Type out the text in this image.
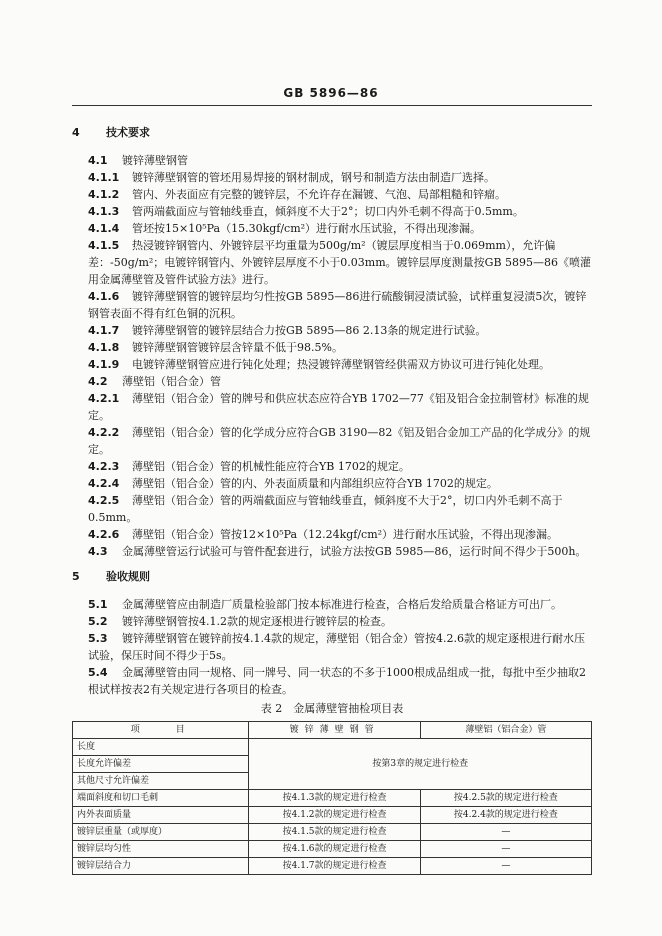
GB 5896—86

4 技术要求

4.1 镀锌薄壁钢管

4.1.1 镀锌薄壁钢管的管坯用易焊接的钢材制成，钢号和制造方法由制造厂选择。

4.1.2 管内、外表面应有完整的镀锌层，不允许存在漏镀、气泡、局部粗糙和锌瘤。

4.1.3 管两端截面应与管轴线垂直，倾斜度不大于2°；切口内外毛刺不得高于0.5mm。

4.1.4 管坯按15×10⁵Pa（15.30kgf/cm²）进行耐水压试验，不得出现渗漏。

4.1.5 热浸镀锌钢管内、外镀锌层平均重量为500g/m²（镀层厚度相当于0.069mm），允许偏差：-50g/m²；电镀锌钢管内、外镀锌层厚度不小于0.03mm。镀锌层厚度测量按GB 5895—86《喷灌用金属薄壁管及管件试验方法》进行。

4.1.6 镀锌薄壁钢管的镀锌层均匀性按GB 5895—86进行硫酸铜浸渍试验，试样重复浸渍5次，镀锌钢管表面不得有红色铜的沉积。

4.1.7 镀锌薄壁钢管的镀锌层结合力按GB 5895—86 2.13条的规定进行试验。

4.1.8 镀锌薄壁钢管镀锌层含锌量不低于98.5%。

4.1.9 电镀锌薄壁钢管应进行钝化处理；热浸镀锌薄壁钢管经供需双方协议可进行钝化处理。

4.2 薄壁铝（铝合金）管

4.2.1 薄壁铝（铝合金）管的牌号和供应状态应符合YB 1702—77《铝及铝合金拉制管材》标准的规定。

4.2.2 薄壁铝（铝合金）管的化学成分应符合GB 3190—82《铝及铝合金加工产品的化学成分》的规定。

4.2.3 薄壁铝（铝合金）管的机械性能应符合YB 1702的规定。

4.2.4 薄壁铝（铝合金）管的内、外表面质量和内部组织应符合YB 1702的规定。

4.2.5 薄壁铝（铝合金）管的两端截面应与管轴线垂直，倾斜度不大于2°，切口内外毛刺不高于0.5mm。

4.2.6 薄壁铝（铝合金）管按12×10⁵Pa（12.24kgf/cm²）进行耐水压试验，不得出现渗漏。

4.3 金属薄壁管运行试验可与管件配套进行，试验方法按GB 5985—86，运行时间不得少于500h。

5 验收规则

5.1 金属薄壁管应由制造厂质量检验部门按本标准进行检查，合格后发给质量合格证方可出厂。

5.2 镀锌薄壁钢管按4.1.2款的规定逐根进行镀锌层的检查。

5.3 镀锌薄壁钢管在镀锌前按4.1.4款的规定，薄壁铝（铝合金）管按4.2.6款的规定逐根进行耐水压试验，保压时间不得少于5s。

5.4 金属薄壁管由同一规格、同一牌号、同一状态的不多于1000根成品组成一批，每批中至少抽取2根试样按表2有关规定进行各项目的检查。

表 2　金属薄壁管抽检项目表
项　　目	镀锌薄壁钢管	薄壁铝（铝合金）管
长度	按第3章的规定进行检查	
长度允许偏差		
其他尺寸允许偏差		
端面斜度和切口毛刺	按4.1.3款的规定进行检查	按4.2.5款的规定进行检查
内外表面质量	按4.1.2款的规定进行检查	按4.2.4款的规定进行检查
镀锌层重量（或厚度）	按4.1.5款的规定进行检查	—
镀锌层均匀性	按4.1.6款的规定进行检查	—
镀锌层结合力	按4.1.7款的规定进行检查	—
